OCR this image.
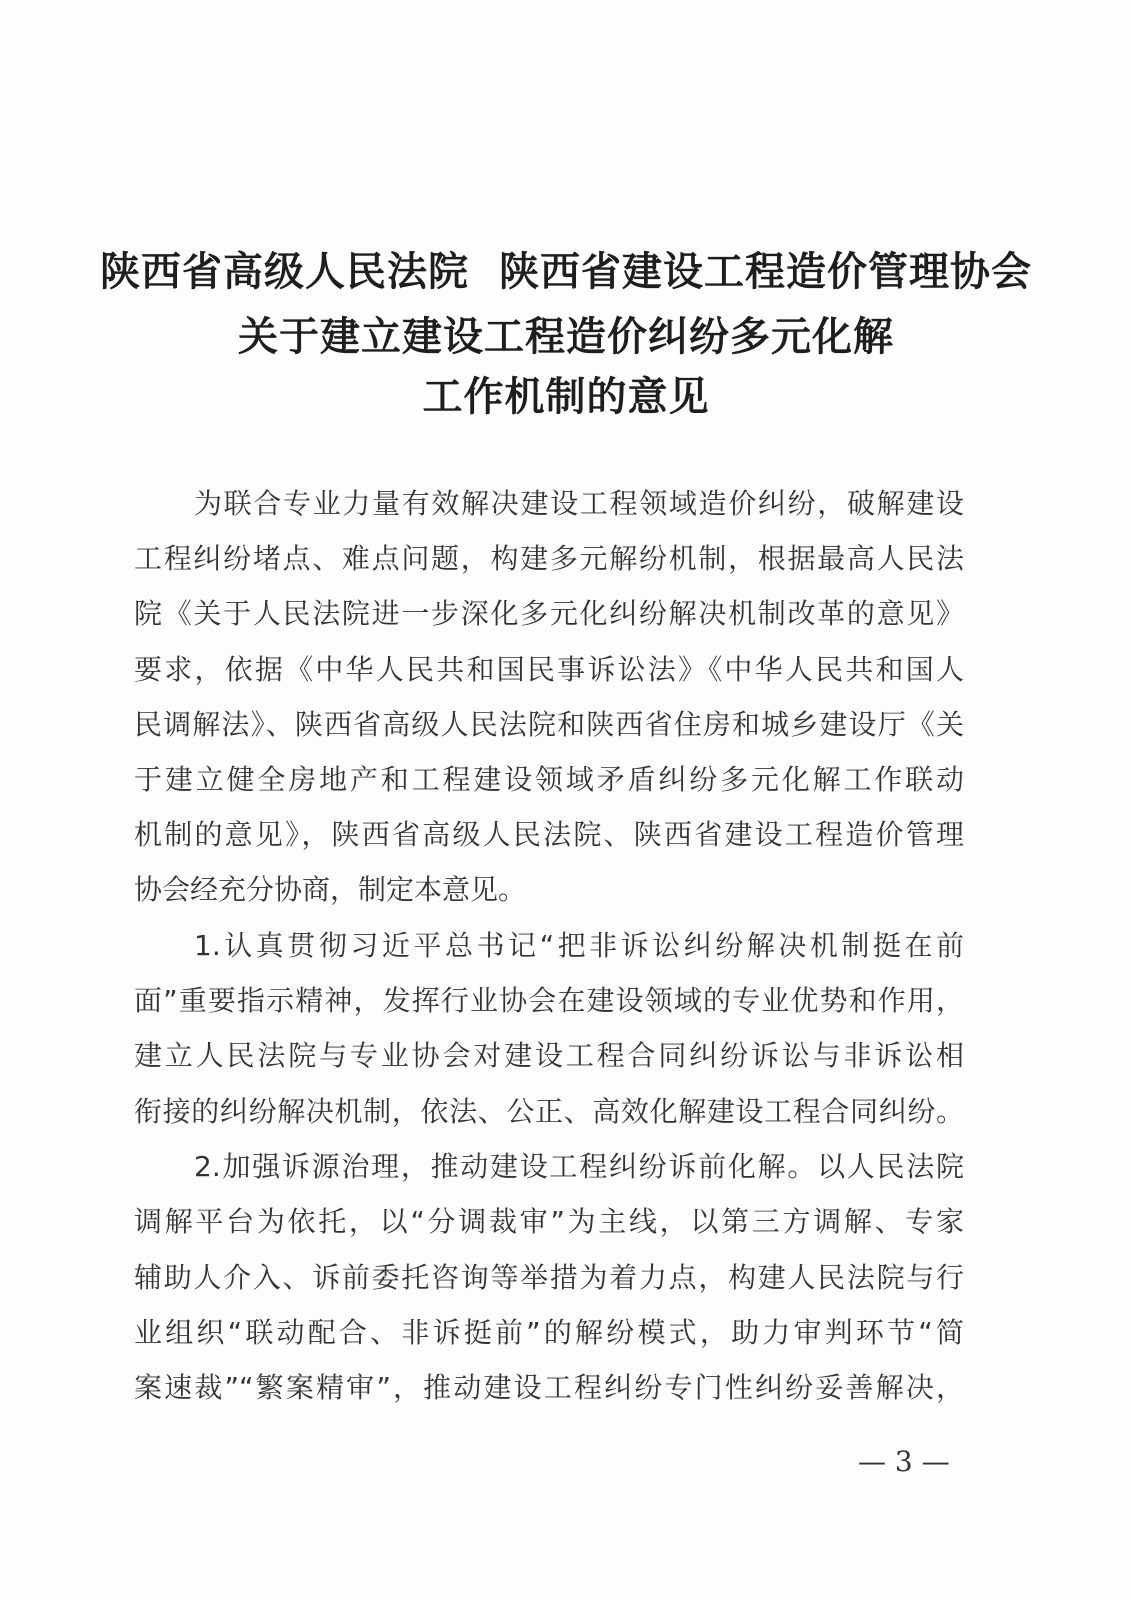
陕西省高级人民法院 陕西省建设工程造价管理协会
关于建立建设工程造价纠纷多元化解
工作机制的意见
为联合专业力量有效解决建设工程领域造价纠纷，破解建设
工程纠纷堵点、难点问题，构建多元解纷机制，根据最高人民法
院《关于人民法院进一步深化多元化纠纷解决机制改革的意见》
要求，依据《中华人民共和国民事诉讼法》《中华人民共和国人
民调解法》、陕西省高级人民法院和陕西省住房和城乡建设厅《关
于建立健全房地产和工程建设领域矛盾纠纷多元化解工作联动
机制的意见》，陕西省高级人民法院、陕西省建设工程造价管理
协会经充分协商，制定本意见。
1.认真贯彻习近平总书记“把非诉讼纠纷解决机制挺在前
面”重要指示精神，发挥行业协会在建设领域的专业优势和作用，
建立人民法院与专业协会对建设工程合同纠纷诉讼与非诉讼相
衔接的纠纷解决机制，依法、公正、高效化解建设工程合同纠纷。
2.加强诉源治理，推动建设工程纠纷诉前化解。以人民法院
调解平台为依托，以“分调裁审”为主线，以第三方调解、专家
辅助人介入、诉前委托咨询等举措为着力点，构建人民法院与行
业组织“联动配合、非诉挺前”的解纷模式，助力审判环节“简
案速裁”“繁案精审”，推动建设工程纠纷专门性纠纷妥善解决，
— 3 —
